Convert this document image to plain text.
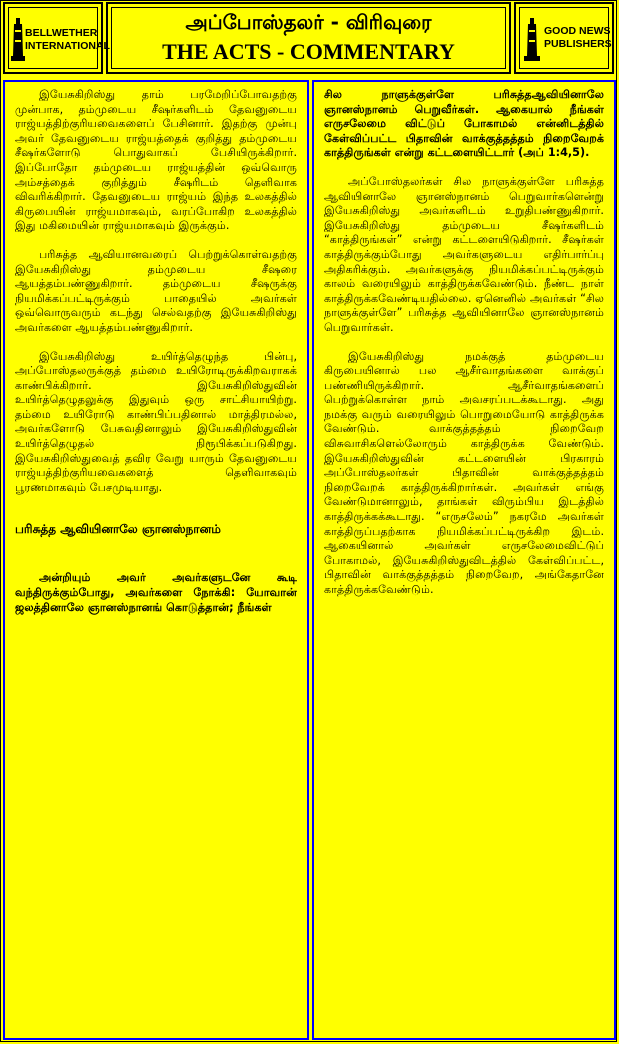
BELLWETHER INTERNATIONAL
அப்போஸ்தலர் - விரிவுரை
THE ACTS - COMMENTARY
GOOD NEWS PUBLISHERS

இயேசுகிறிஸ்து தாம் பரமேறிப்போவதற்கு முன்பாக, தம்முடைய சீஷர்களிடம் தேவனுடைய ராஜ்யத்திற்குரியவைகளைப் பேசினார். இதற்கு முன்பு அவர் தேவனுடைய ராஜ்யத்தைக் குறித்து தம்முடைய சீஷர்களோடு பொதுவாகப் பேசியிருக்கிறார். இப்போதோ தம்முடைய ராஜ்யத்தின் ஒவ்வொரு அம்சத்தைக் குறித்தும் சீஷரிடம் தெளிவாக விவரிக்கிறார். தேவனுடைய ராஜ்யம் இந்த உலகத்தில் கிருபையின் ராஜ்யமாகவும், வரப்போகிற உலகத்தில் இது மகிமையின் ராஜ்யமாகவும் இருக்கும்.

பரிசுத்த ஆவியானவரைப் பெற்றுக்கொள்வதற்கு இயேசுகிறிஸ்து தம்முடைய சீஷரை ஆயத்தம்பண்ணுகிறார். தம்முடைய சீஷருக்கு நியமிக்கப்பட்டிருக்கும் பாதையில் அவர்கள் ஒவ்வொருவரும் கடந்து செல்வதற்கு இயேசுகிறிஸ்து அவர்களை ஆயத்தம்பண்ணுகிறார்.

இயேசுகிறிஸ்து உயிர்த்தெழுந்த பின்பு, அப்போஸ்தலருக்குத் தம்மை உயிரோடிருக்கிறவராகக் காண்பிக்கிறார். இயேசுகிறிஸ்துவின் உயிர்த்தெழுதலுக்கு இதுவும் ஒரு சாட்சியாயிற்று. தம்மை உயிரோடு காண்பிப்பதினால் மாத்திரமல்ல, அவர்களோடு பேசுவதினாலும் இயேசுகிறிஸ்துவின் உயிர்த்தெழுதல் நிரூபிக்கப்படுகிறது. இயேசுகிறிஸ்துவைத் தவிர வேறு யாரும் தேவனுடைய ராஜ்யத்திற்குரியவைகளைத் தெளிவாகவும் பூரணமாகவும் பேசமுடியாது.

பரிசுத்த ஆவியினாலே ஞானஸ்நானம்

அன்றியும் அவர் அவர்களுடனே கூடி வந்திருக்கும்போது, அவர்களை நோக்கி: யோவான் ஜலத்தினாலே ஞானஸ்நானங் கொடுத்தான்; நீங்கள்

சில நாளுக்குள்ளே பரிசுத்தஆவியினாலே ஞானஸ்நானம் பெறுவீர்கள். ஆகையால் நீங்கள் எருசலேமை விட்டுப் போகாமல் என்னிடத்தில் கேள்விப்பட்ட பிதாவின் வாக்குத்தத்தம் நிறைவேறக் காத்திருங்கள் என்று கட்டளையிட்டார் (அப் 1:4,5).

அப்போஸ்தலர்கள் சில நாளுக்குள்ளே பரிசுத்த ஆவியினாலே ஞானஸ்நானம் பெறுவார்களென்று இயேசுகிறிஸ்து அவர்களிடம் உறுதிபண்ணுகிறார். இயேசுகிறிஸ்து தம்முடைய சீஷர்களிடம் “காத்திருங்கள்” என்று கட்டளையிடுகிறார். சீஷர்கள் காத்திருக்கும்போது அவர்களுடைய எதிர்பார்ப்பு அதிகரிக்கும். அவர்களுக்கு நியமிக்கப்பட்டிருக்கும் காலம் வரையிலும் காத்திருக்கவேண்டும். நீண்ட நாள் காத்திருக்கவேண்டியதில்லை. ஏனெனில் அவர்கள் “சில நாளுக்குள்ளே” பரிசுத்த ஆவியினாலே ஞானஸ்நானம் பெறுவார்கள்.

இயேசுகிறிஸ்து நமக்குத் தம்முடைய கிருபையினால் பல ஆசீர்வாதங்களை வாக்குப் பண்ணியிருக்கிறார். ஆசீர்வாதங்களைப் பெற்றுக்கொள்ள நாம் அவசரப்படக்கூடாது. அது நமக்கு வரும் வரையிலும் பொறுமையோடு காத்திருக்க வேண்டும். வாக்குத்தத்தம் நிறைவேற விசுவாசிகளெல்லோரும் காத்திருக்க வேண்டும். இயேசுகிறிஸ்துவின் கட்டளையின் பிரகாரம் அப்போஸ்தலர்கள் பிதாவின் வாக்குத்தத்தம் நிறைவேறக் காத்திருக்கிறார்கள். அவர்கள் எங்கு வேண்டுமானாலும், தாங்கள் விரும்பிய இடத்தில் காத்திருக்கக்கூடாது. “எருசலேம்” நகரமே அவர்கள் காத்திருப்பதற்காக நியமிக்கப்பட்டிருக்கிற இடம். ஆகையினால் அவர்கள் எருசலேமைவிட்டுப் போகாமல், இயேசுகிறிஸ்துவிடத்தில் கேள்விப்பட்ட, பிதாவின் வாக்குத்தத்தம் நிறைவேற, அங்கேதானே காத்திருக்கவேண்டும்.
